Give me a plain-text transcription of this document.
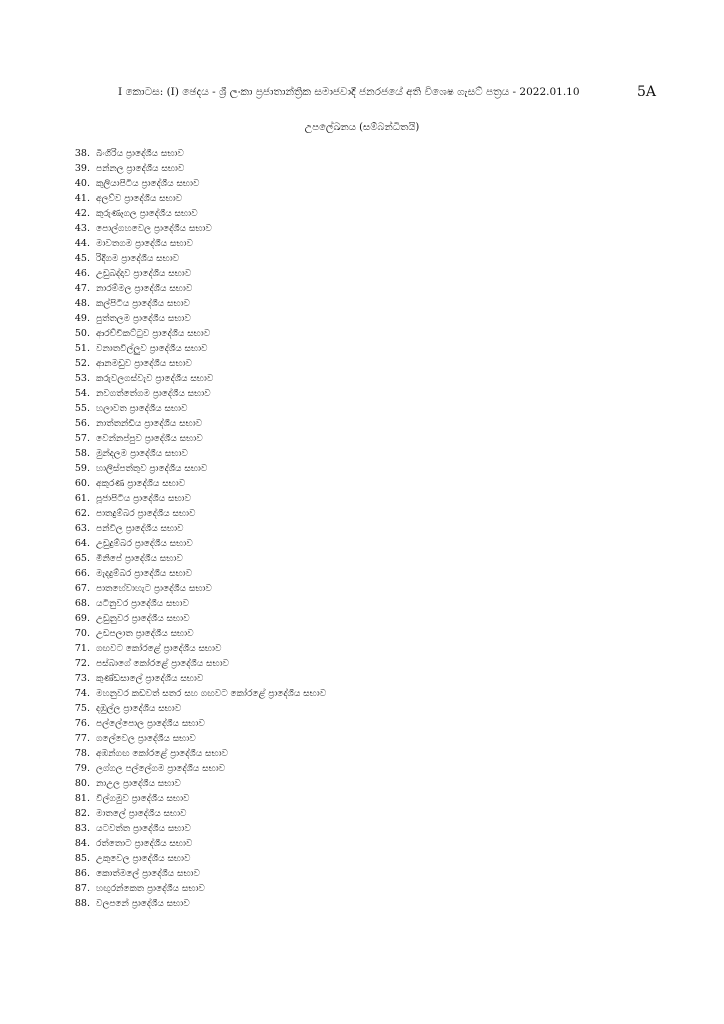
I කොටස: (I) ඡෙදය - ශ්‍රී ලංකා ප්‍රජාතාන්ත්‍රික සමාජවාදී ජනරජයේ අති විශෙෂ ගැසට් පත්‍රය - 2022.01.10	5A
උපලේඛනය (සම්බන්ධිතයි)
38. බිංගිරිය ප්‍රාදේශීය සභාව
39. පන්නල ප්‍රාදේශීය සභාව
40. කුලියාපිටිය ප්‍රාදේශීය සභාව
41. අලව්ව ප්‍රාදේශීය සභාව
42. කුරුණෑගල ප්‍රාදේශීය සභාව
43. පොල්ගහවෙල ප්‍රාදේශීය සභාව
44. මාවතගම ප්‍රාදේශීය සභාව
45. රිදීගම ප්‍රාදේශීය සභාව
46. උඩුබද්දාව ප්‍රාදේශීය සභාව
47. නාරම්මල ප්‍රාදේශීය සභාව
48. කල්පිටිය ප්‍රාදේශීය සභාව
49. පුත්තලම ප්‍රාදේශීය සභාව
50. ආරච්චිකට්ටුව ප්‍රාදේශීය සභාව
51. වනාතවිල්ලුව ප්‍රාදේශීය සභාව
52. ආනමඩුව ප්‍රාදේශීය සභාව
53. කරුවලගස්වැව ප්‍රාදේශීය සභාව
54. නවගත්තේගම ප්‍රාදේශීය සභාව
55. හලාවත ප්‍රාදේශීය සභාව
56. නාත්තන්ඩිය ප්‍රාදේශීය සභාව
57. වෙන්නප්පුව ප්‍රාදේශීය සභාව
58. මුන්දලම ප්‍රාදේශීය සභාව
59. හාලිස්පත්තුව ප්‍රාදේශීය සභාව
60. අකුරණ ප්‍රාදේශීය සභාව
61. පූජාපිටිය ප්‍රාදේශීය සභාව
62. පාතදුම්බර ප්‍රාදේශීය සභාව
63. පන්විල ප්‍රාදේශීය සභාව
64. උඩුදුම්බර ප්‍රාදේශීය සභාව
65. මිනිපේ ප්‍රාදේශීය සභාව
66. මැදදුම්බර ප්‍රාදේශීය සභාව
67. පාතහේවාහැට ප්‍රාදේශීය සභාව
68. යටිනුවර ප්‍රාදේශීය සභාව
69. උඩුනුවර ප්‍රාදේශීය සභාව
70. උඩපලාත ප්‍රාදේශීය සභාව
71. ගඟවට කෝරළේ ප්‍රාදේශීය සභාව
72. පස්බාගේ කෝරළේ ප්‍රාදේශීය සභාව
73. කුණ්ඩසාලේ ප්‍රාදේශීය සභාව
74. මහනුවර කඩවත් සතර සහ ගඟවට කෝරළේ ප්‍රාදේශීය සභාව
75. දඹුල්ල ප්‍රාදේශීය සභාව
76. පල්ලේපොල ප්‍රාදේශීය සභාව
77. ගලේවෙල ප්‍රාදේශීය සභාව
78. අඹන්ගඟ කෝරළේ ප්‍රාදේශීය සභාව
79. ලග්ගල පල්ලේගම ප්‍රාදේශීය සභාව
80. නාඋල ප්‍රාදේශීය සභාව
81. විල්ගමුව ප්‍රාදේශීය සභාව
82. මාතලේ ප්‍රාදේශීය සභාව
83. යටවත්ත ප්‍රාදේශීය සභාව
84. රත්තොට ප්‍රාදේශීය සභාව
85. උකුවෙල ප්‍රාදේශීය සභාව
86. කොත්මලේ ප්‍රාදේශීය සභාව
87. හඟුරන්කෙත ප්‍රාදේශීය සභාව
88. වලපනේ ප්‍රාදේශීය සභාව
